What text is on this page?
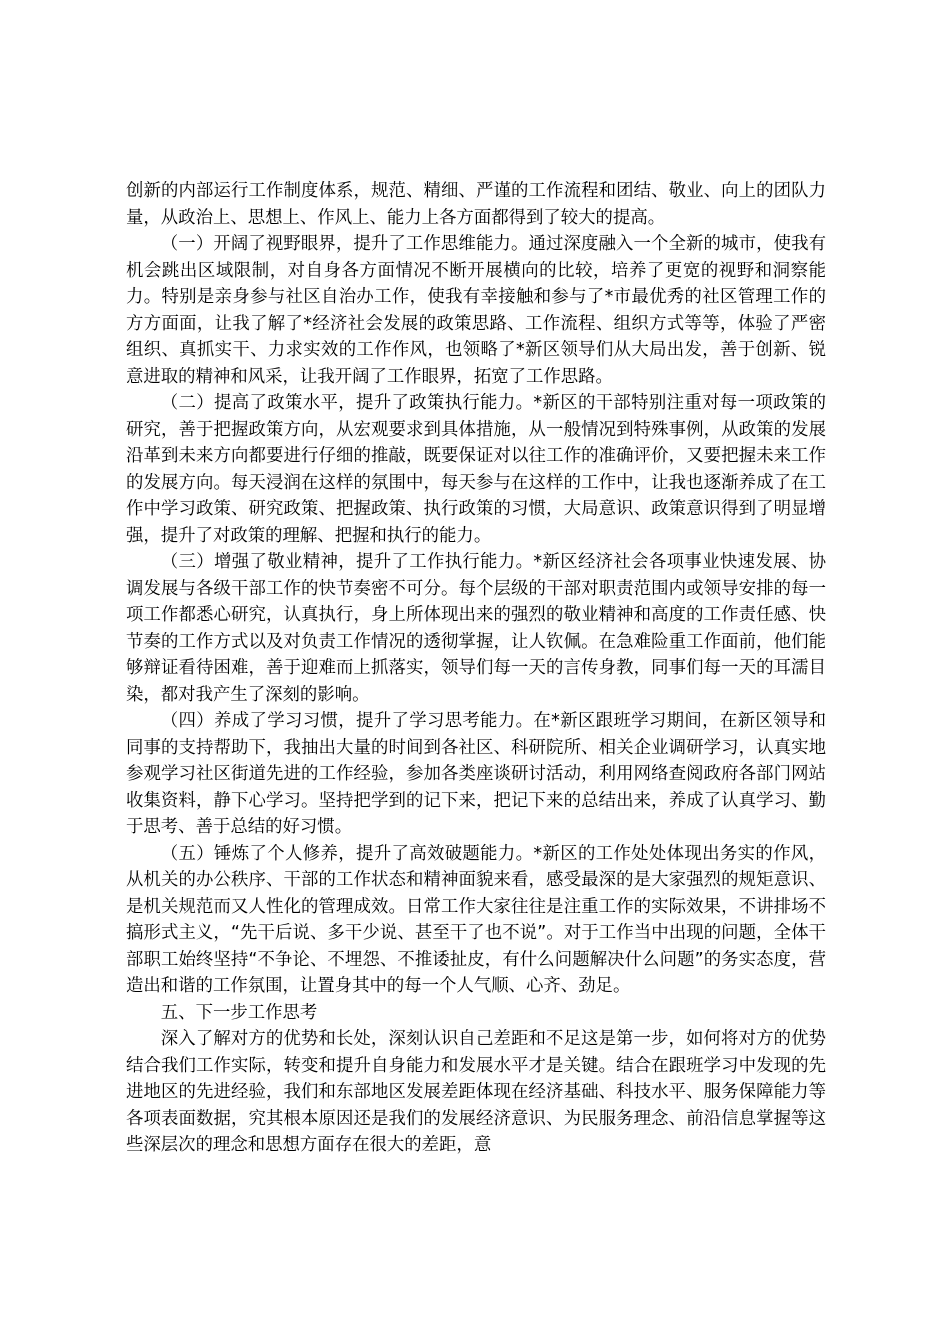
创新的内部运行工作制度体系，规范、精细、严谨的工作流程和团结、敬业、向上的团队力量，从政治上、思想上、作风上、能力上各方面都得到了较大的提高。

（一）开阔了视野眼界，提升了工作思维能力。通过深度融入一个全新的城市，使我有机会跳出区域限制，对自身各方面情况不断开展横向的比较，培养了更宽的视野和洞察能力。特别是亲身参与社区自治办工作，使我有幸接触和参与了*市最优秀的社区管理工作的方方面面，让我了解了*经济社会发展的政策思路、工作流程、组织方式等等，体验了严密组织、真抓实干、力求实效的工作作风，也领略了*新区领导们从大局出发，善于创新、锐意进取的精神和风采，让我开阔了工作眼界，拓宽了工作思路。

（二）提高了政策水平，提升了政策执行能力。*新区的干部特别注重对每一项政策的研究，善于把握政策方向，从宏观要求到具体措施，从一般情况到特殊事例，从政策的发展沿革到未来方向都要进行仔细的推敲，既要保证对以往工作的准确评价，又要把握未来工作的发展方向。每天浸润在这样的氛围中，每天参与在这样的工作中，让我也逐渐养成了在工作中学习政策、研究政策、把握政策、执行政策的习惯，大局意识、政策意识得到了明显增强，提升了对政策的理解、把握和执行的能力。

（三）增强了敬业精神，提升了工作执行能力。*新区经济社会各项事业快速发展、协调发展与各级干部工作的快节奏密不可分。每个层级的干部对职责范围内或领导安排的每一项工作都悉心研究，认真执行，身上所体现出来的强烈的敬业精神和高度的工作责任感、快节奏的工作方式以及对负责工作情况的透彻掌握，让人钦佩。在急难险重工作面前，他们能够辩证看待困难，善于迎难而上抓落实，领导们每一天的言传身教，同事们每一天的耳濡目染，都对我产生了深刻的影响。

（四）养成了学习习惯，提升了学习思考能力。在*新区跟班学习期间，在新区领导和同事的支持帮助下，我抽出大量的时间到各社区、科研院所、相关企业调研学习，认真实地参观学习社区街道先进的工作经验，参加各类座谈研讨活动，利用网络查阅政府各部门网站收集资料，静下心学习。坚持把学到的记下来，把记下来的总结出来，养成了认真学习、勤于思考、善于总结的好习惯。

（五）锤炼了个人修养，提升了高效破题能力。*新区的工作处处体现出务实的作风，从机关的办公秩序、干部的工作状态和精神面貌来看，感受最深的是大家强烈的规矩意识、是机关规范而又人性化的管理成效。日常工作大家往往是注重工作的实际效果，不讲排场不搞形式主义，“先干后说、多干少说、甚至干了也不说”。对于工作当中出现的问题，全体干部职工始终坚持“不争论、不埋怨、不推诿扯皮，有什么问题解决什么问题”的务实态度，营造出和谐的工作氛围，让置身其中的每一个人气顺、心齐、劲足。

五、下一步工作思考

深入了解对方的优势和长处，深刻认识自己差距和不足这是第一步，如何将对方的优势结合我们工作实际，转变和提升自身能力和发展水平才是关键。结合在跟班学习中发现的先进地区的先进经验，我们和东部地区发展差距体现在经济基础、科技水平、服务保障能力等各项表面数据，究其根本原因还是我们的发展经济意识、为民服务理念、前沿信息掌握等这些深层次的理念和思想方面存在很大的差距，意
